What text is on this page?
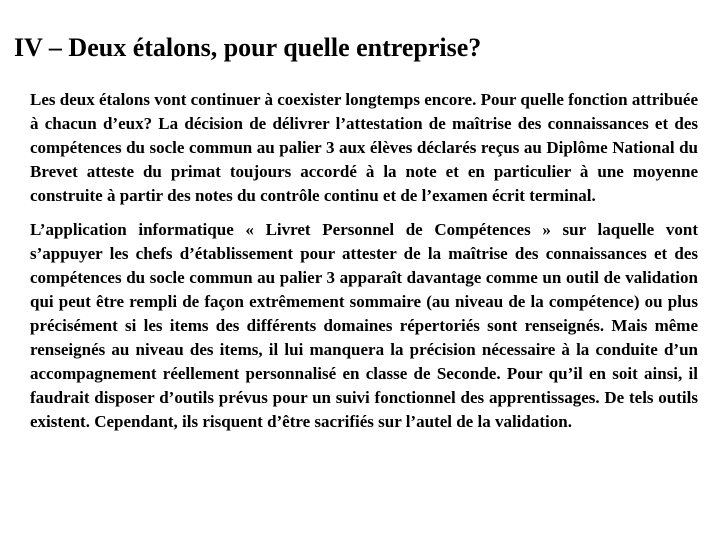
IV – Deux étalons, pour quelle entreprise?

Les deux étalons vont continuer à coexister longtemps encore. Pour quelle fonction attribuée à chacun d’eux? La décision de délivrer l’attestation de maîtrise des connaissances et des compétences du socle commun au palier 3 aux élèves déclarés reçus au Diplôme National du Brevet atteste du primat toujours accordé à la note et en particulier à une moyenne construite à partir des notes du contrôle continu et de l’examen écrit terminal.

L’application informatique « Livret Personnel de Compétences » sur laquelle vont s’appuyer les chefs d’établissement pour attester de la maîtrise des connaissances et des compétences du socle commun au palier 3 apparaît davantage comme un outil de validation qui peut être rempli de façon extrêmement sommaire (au niveau de la compétence) ou plus précisément si les items des différents domaines répertoriés sont renseignés. Mais même renseignés au niveau des items, il lui manquera la précision nécessaire à la conduite d’un accompagnement réellement personnalisé en classe de Seconde. Pour qu’il en soit ainsi, il faudrait disposer d’outils prévus pour un suivi fonctionnel des apprentissages. De tels outils existent. Cependant, ils risquent d’être sacrifiés sur l’autel de la validation.
